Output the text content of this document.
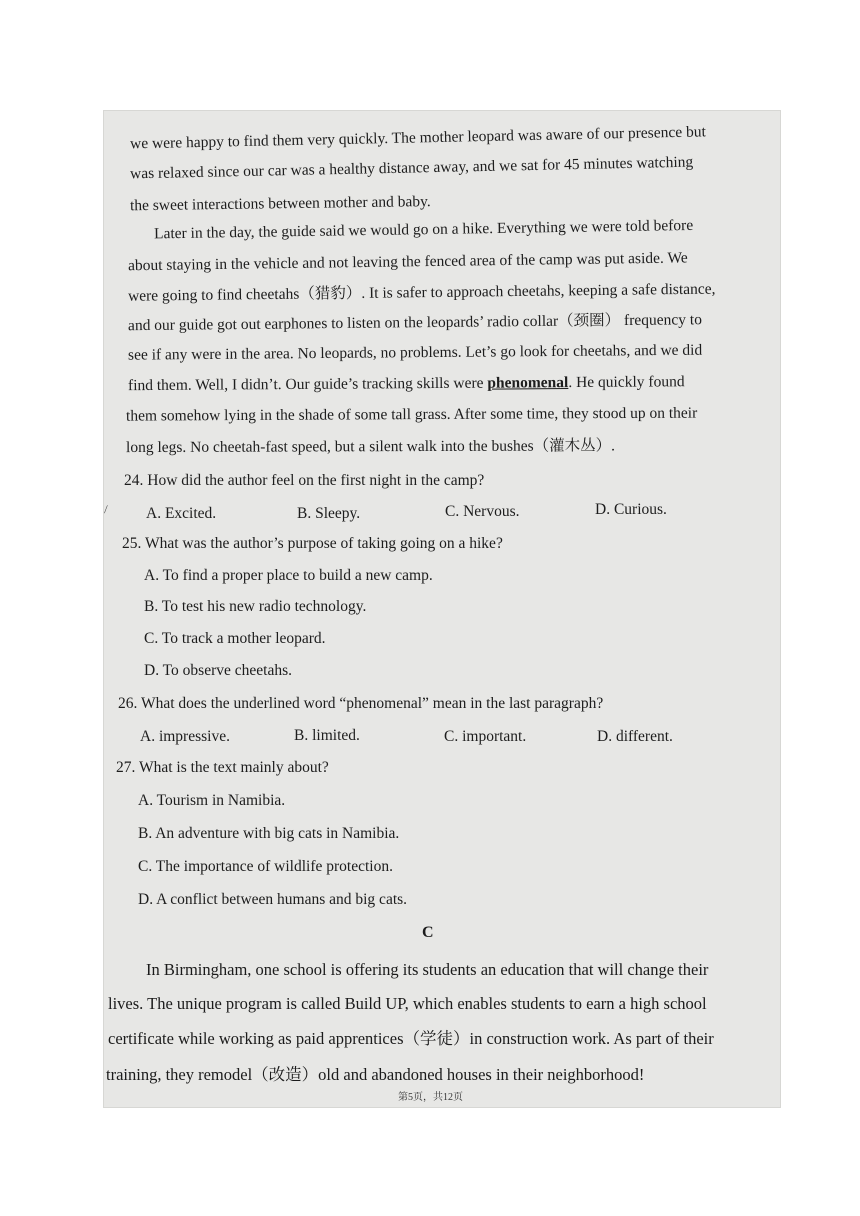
we were happy to find them very quickly. The mother leopard was aware of our presence but
was relaxed since our car was a healthy distance away, and we sat for 45 minutes watching
the sweet interactions between mother and baby.
Later in the day, the guide said we would go on a hike. Everything we were told before
about staying in the vehicle and not leaving the fenced area of the camp was put aside. We
were going to find cheetahs（猎豹）. It is safer to approach cheetahs, keeping a safe distance,
and our guide got out earphones to listen on the leopards’ radio collar（颈圈） frequency to
see if any were in the area. No leopards, no problems. Let’s go look for cheetahs, and we did
find them. Well, I didn’t. Our guide’s tracking skills were phenomenal. He quickly found
them somehow lying in the shade of some tall grass. After some time, they stood up on their
long legs. No cheetah-fast speed, but a silent walk into the bushes（灌木丛）.
24. How did the author feel on the first night in the camp?
\ A. Excited.	B. Sleepy.	C. Nervous.	D. Curious.
25. What was the author’s purpose of taking going on a hike?
A. To find a proper place to build a new camp.
B. To test his new radio technology.
C. To track a mother leopard.
D. To observe cheetahs.
26. What does the underlined word “phenomenal” mean in the last paragraph?
A. impressive.	B. limited.	C. important.	D. different.
27. What is the text mainly about?
A. Tourism in Namibia.
B. An adventure with big cats in Namibia.
C. The importance of wildlife protection.
D. A conflict between humans and big cats.
C
In Birmingham, one school is offering its students an education that will change their
lives. The unique program is called Build UP, which enables students to earn a high school
certificate while working as paid apprentices（学徒）in construction work. As part of their
training, they remodel（改造）old and abandoned houses in their neighborhood!
第5页，共12页
